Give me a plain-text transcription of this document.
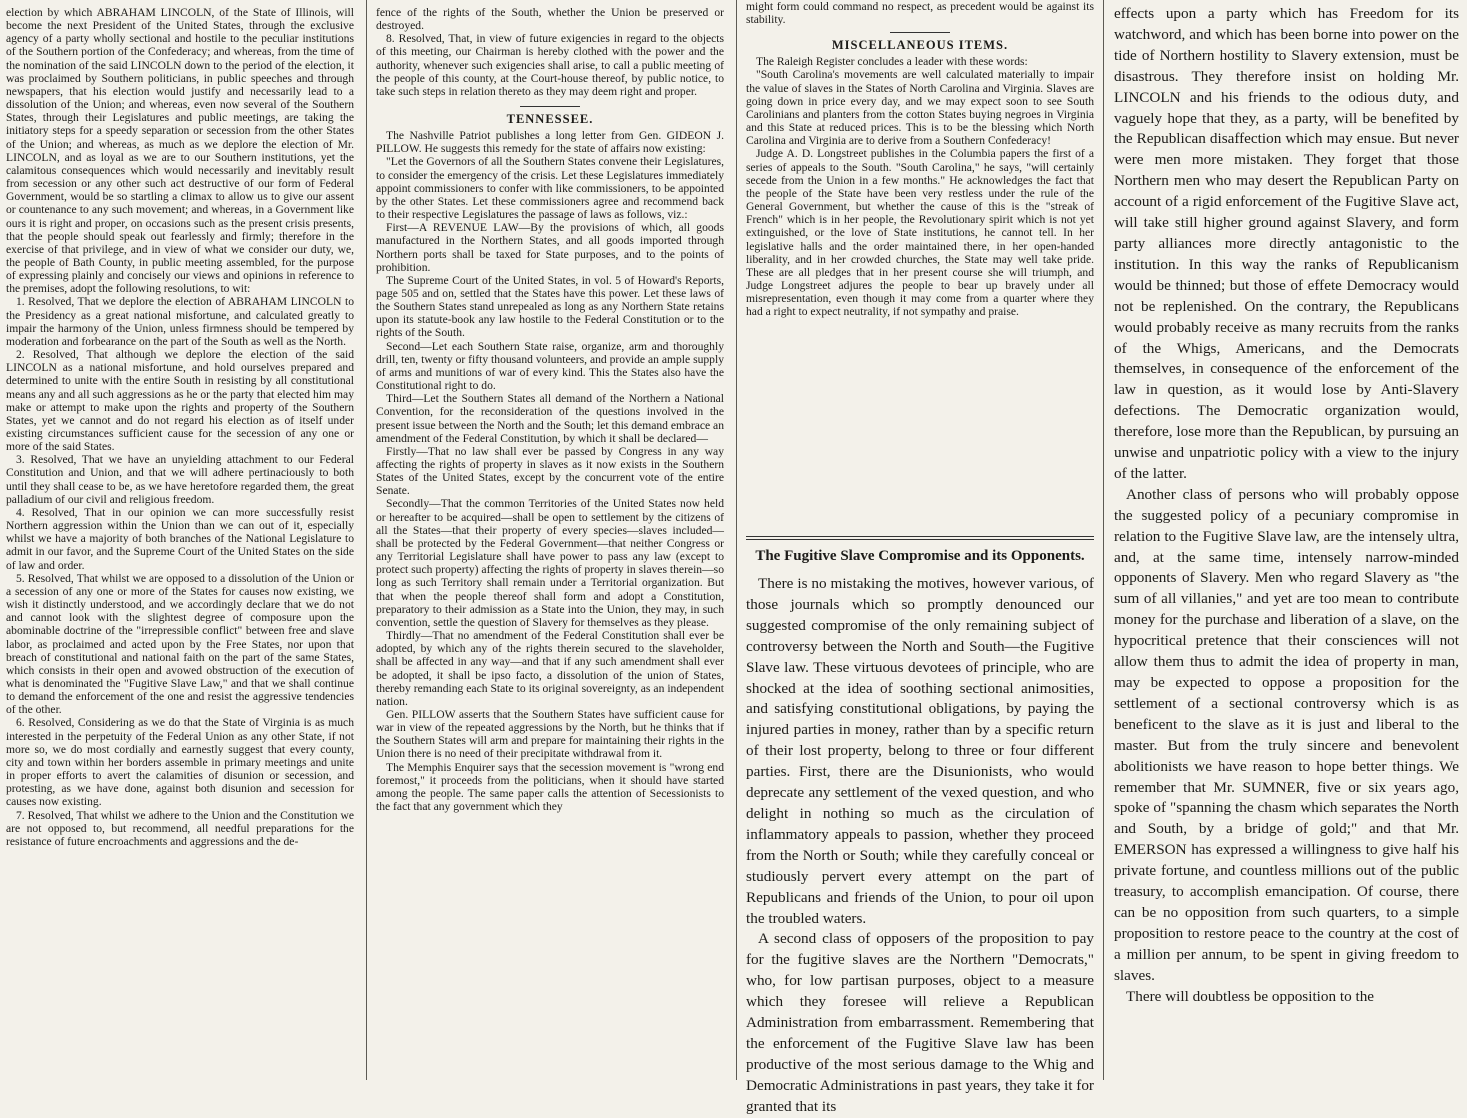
election by which ABRAHAM LINCOLN, of the State of Illinois, will become the next President of the United States, through the exclusive agency of a party wholly sectional and hostile to the peculiar institutions of the Southern portion of the Confederacy; and whereas, from the time of the nomination of the said LINCOLN down to the period of the election, it was proclaimed by Southern politicians, in public speeches and through newspapers, that his election would justify and necessarily lead to a dissolution of the Union; and whereas, even now several of the Southern States, through their Legislatures and public meetings, are taking the initiatory steps for a speedy separation or secession from the other States of the Union; and whereas, as much as we deplore the election of Mr. LINCOLN, and as loyal as we are to our Southern institutions, yet the calamitous consequences which would necessarily and inevitably result from secession or any other such act destructive of our form of Federal Government, would be so startling a climax to allow us to give our assent or countenance to any such movement; and whereas, in a Government like ours it is right and proper, on occasions such as the present crisis presents, that the people should speak out fearlessly and firmly; therefore in the exercise of that privilege, and in view of what we consider our duty, we, the people of Bath County, in public meeting assembled, for the purpose of expressing plainly and concisely our views and opinions in reference to the premises, adopt the following resolutions, to wit:

1. Resolved, That we deplore the election of ABRAHAM LINCOLN to the Presidency as a great national misfortune, and calculated greatly to impair the harmony of the Union, unless firmness should be tempered by moderation and forbearance on the part of the South as well as the North.

2. Resolved, That although we deplore the election of the said LINCOLN as a national misfortune, and hold ourselves prepared and determined to unite with the entire South in resisting by all constitutional means any and all such aggressions as he or the party that elected him may make or attempt to make upon the rights and property of the Southern States, yet we cannot and do not regard his election as of itself under existing circumstances sufficient cause for the secession of any one or more of the said States.

3. Resolved, That we have an unyielding attachment to our Federal Constitution and Union, and that we will adhere pertinaciously to both until they shall cease to be, as we have heretofore regarded them, the great palladium of our civil and religious freedom.

4. Resolved, That in our opinion we can more successfully resist Northern aggression within the Union than we can out of it, especially whilst we have a majority of both branches of the National Legislature to admit in our favor, and the Supreme Court of the United States on the side of law and order.

5. Resolved, That whilst we are opposed to a dissolution of the Union or a secession of any one or more of the States for causes now existing, we wish it distinctly understood, and we accordingly declare that we do not and cannot look with the slightest degree of composure upon the abominable doctrine of the "irrepressible conflict" between free and slave labor, as proclaimed and acted upon by the Free States, nor upon that breach of constitutional and national faith on the part of the same States, which consists in their open and avowed obstruction of the execution of what is denominated the "Fugitive Slave Law," and that we shall continue to demand the enforcement of the one and resist the aggressive tendencies of the other.

6. Resolved, Considering as we do that the State of Virginia is as much interested in the perpetuity of the Federal Union as any other State, if not more so, we do most cordially and earnestly suggest that every county, city and town within her borders assemble in primary meetings and unite in proper efforts to avert the calamities of disunion or secession, and protesting, as we have done, against both disunion and secession for causes now existing.

7. Resolved, That whilst we adhere to the Union and the Constitution we are not opposed to, but recommend, all needful preparations for the resistance of future encroachments and aggressions and the de-

fence of the rights of the South, whether the Union be preserved or destroyed.

8. Resolved, That, in view of future exigencies in regard to the objects of this meeting, our Chairman is hereby clothed with the power and the authority, whenever such exigencies shall arise, to call a public meeting of the people of this county, at the Court-house thereof, by public notice, to take such steps in relation thereto as they may deem right and proper.

TENNESSEE.

The Nashville Patriot publishes a long letter from Gen. GIDEON J. PILLOW. He suggests this remedy for the state of affairs now existing:

"Let the Governors of all the Southern States convene their Legislatures, to consider the emergency of the crisis. Let these Legislatures immediately appoint commissioners to confer with like commissioners, to be appointed by the other States. Let these commissioners agree and recommend back to their respective Legislatures the passage of laws as follows, viz.:

First—A REVENUE LAW—By the provisions of which, all goods manufactured in the Northern States, and all goods imported through Northern ports shall be taxed for State purposes, and to the points of prohibition.

The Supreme Court of the United States, in vol. 5 of Howard's Reports, page 505 and on, settled that the States have this power. Let these laws of the Southern States stand unrepealed as long as any Northern State retains upon its statute-book any law hostile to the Federal Constitution or to the rights of the South.

Second—Let each Southern State raise, organize, arm and thoroughly drill, ten, twenty or fifty thousand volunteers, and provide an ample supply of arms and munitions of war of every kind. This the States also have the Constitutional right to do.

Third—Let the Southern States all demand of the Northern a National Convention, for the reconsideration of the questions involved in the present issue between the North and the South; let this demand embrace an amendment of the Federal Constitution, by which it shall be declared—

Firstly—That no law shall ever be passed by Congress in any way affecting the rights of property in slaves as it now exists in the Southern States of the United States, except by the concurrent vote of the entire Senate.

Secondly—That the common Territories of the United States now held or hereafter to be acquired—shall be open to settlement by the citizens of all the States—that their property of every species—slaves included—shall be protected by the Federal Government—that neither Congress or any Territorial Legislature shall have power to pass any law (except to protect such property) affecting the rights of property in slaves therein—so long as such Territory shall remain under a Territorial organization. But that when the people thereof shall form and adopt a Constitution, preparatory to their admission as a State into the Union, they may, in such convention, settle the question of Slavery for themselves as they please.

Thirdly—That no amendment of the Federal Constitution shall ever be adopted, by which any of the rights therein secured to the slaveholder, shall be affected in any way—and that if any such amendment shall ever be adopted, it shall be ipso facto, a dissolution of the union of States, thereby remanding each State to its original sovereignty, as an independent nation.

Gen. PILLOW asserts that the Southern States have sufficient cause for war in view of the repeated aggressions by the North, but he thinks that if the Southern States will arm and prepare for maintaining their rights in the Union there is no need of their precipitate withdrawal from it.

The Memphis Enquirer says that the secession movement is "wrong end foremost," it proceeds from the politicians, when it should have started among the people. The same paper calls the attention of Secessionists to the fact that any government which they

might form could command no respect, as precedent would be against its stability.

MISCELLANEOUS ITEMS.

The Raleigh Register concludes a leader with these words:

"South Carolina's movements are well calculated materially to impair the value of slaves in the States of North Carolina and Virginia. Slaves are going down in price every day, and we may expect soon to see South Carolinians and planters from the cotton States buying negroes in Virginia and this State at reduced prices. This is to be the blessing which North Carolina and Virginia are to derive from a Southern Confederacy!

Judge A. D. Longstreet publishes in the Columbia papers the first of a series of appeals to the South. "South Carolina," he says, "will certainly secede from the Union in a few months." He acknowledges the fact that the people of the State have been very restless under the rule of the General Government, but whether the cause of this is the "streak of French" which is in her people, the Revolutionary spirit which is not yet extinguished, or the love of State institutions, he cannot tell. In her legislative halls and the order maintained there, in her open-handed liberality, and in her crowded churches, the State may well take pride. These are all pledges that in her present course she will triumph, and Judge Longstreet adjures the people to bear up bravely under all misrepresentation, even though it may come from a quarter where they had a right to expect neutrality, if not sympathy and praise.

The Fugitive Slave Compromise and its Opponents.

There is no mistaking the motives, however various, of those journals which so promptly denounced our suggested compromise of the only remaining subject of controversy between the North and South—the Fugitive Slave law. These virtuous devotees of principle, who are shocked at the idea of soothing sectional animosities, and satisfying constitutional obligations, by paying the injured parties in money, rather than by a specific return of their lost property, belong to three or four different parties. First, there are the Disunionists, who would deprecate any settlement of the vexed question, and who delight in nothing so much as the circulation of inflammatory appeals to passion, whether they proceed from the North or South; while they carefully conceal or studiously pervert every attempt on the part of Republicans and friends of the Union, to pour oil upon the troubled waters.

A second class of opposers of the proposition to pay for the fugitive slaves are the Northern "Democrats," who, for low partisan purposes, object to a measure which they foresee will relieve a Republican Administration from embarrassment. Remembering that the enforcement of the Fugitive Slave law has been productive of the most serious damage to the Whig and Democratic Administrations in past years, they take it for granted that its

effects upon a party which has Freedom for its watchword, and which has been borne into power on the tide of Northern hostility to Slavery extension, must be disastrous. They therefore insist on holding Mr. LINCOLN and his friends to the odious duty, and vaguely hope that they, as a party, will be benefited by the Republican disaffection which may ensue. But never were men more mistaken. They forget that those Northern men who may desert the Republican Party on account of a rigid enforcement of the Fugitive Slave act, will take still higher ground against Slavery, and form party alliances more directly antagonistic to the institution. In this way the ranks of Republicanism would be thinned; but those of effete Democracy would not be replenished. On the contrary, the Republicans would probably receive as many recruits from the ranks of the Whigs, Americans, and the Democrats themselves, in consequence of the enforcement of the law in question, as it would lose by Anti-Slavery defections. The Democratic organization would, therefore, lose more than the Republican, by pursuing an unwise and unpatriotic policy with a view to the injury of the latter.

Another class of persons who will probably oppose the suggested policy of a pecuniary compromise in relation to the Fugitive Slave law, are the intensely ultra, and, at the same time, intensely narrow-minded opponents of Slavery. Men who regard Slavery as "the sum of all villanies," and yet are too mean to contribute money for the purchase and liberation of a slave, on the hypocritical pretence that their consciences will not allow them thus to admit the idea of property in man, may be expected to oppose a proposition for the settlement of a sectional controversy which is as beneficent to the slave as it is just and liberal to the master. But from the truly sincere and benevolent abolitionists we have reason to hope better things. We remember that Mr. SUMNER, five or six years ago, spoke of "spanning the chasm which separates the North and South, by a bridge of gold;" and that Mr. EMERSON has expressed a willingness to give half his private fortune, and countless millions out of the public treasury, to accomplish emancipation. Of course, there can be no opposition from such quarters, to a simple proposition to restore peace to the country at the cost of a million per annum, to be spent in giving freedom to slaves.

There will doubtless be opposition to the
